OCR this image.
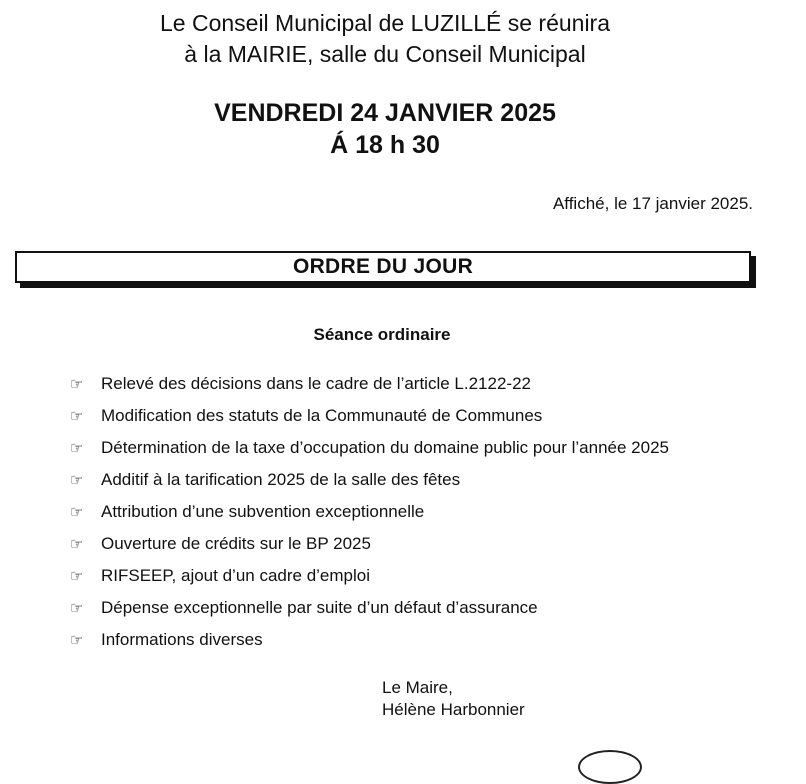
Le Conseil Municipal de LUZILLÉ se réunira
à la MAIRIE, salle du Conseil Municipal
VENDREDI 24 JANVIER 2025
Á 18 h 30
Affiché, le 17 janvier 2025.
ORDRE DU JOUR
Séance ordinaire
☞	Relevé des décisions dans le cadre de l’article L.2122-22
☞	Modification des statuts de la Communauté de Communes
☞	Détermination de la taxe d’occupation du domaine public pour l’année 2025
☞	Additif à la tarification 2025 de la salle des fêtes
☞	Attribution d’une subvention exceptionnelle
☞	Ouverture de crédits sur le BP 2025
☞	RIFSEEP, ajout d’un cadre d’emploi
☞	Dépense exceptionnelle par suite d’un défaut d’assurance
☞	Informations diverses
Le Maire,
Hélène Harbonnier
